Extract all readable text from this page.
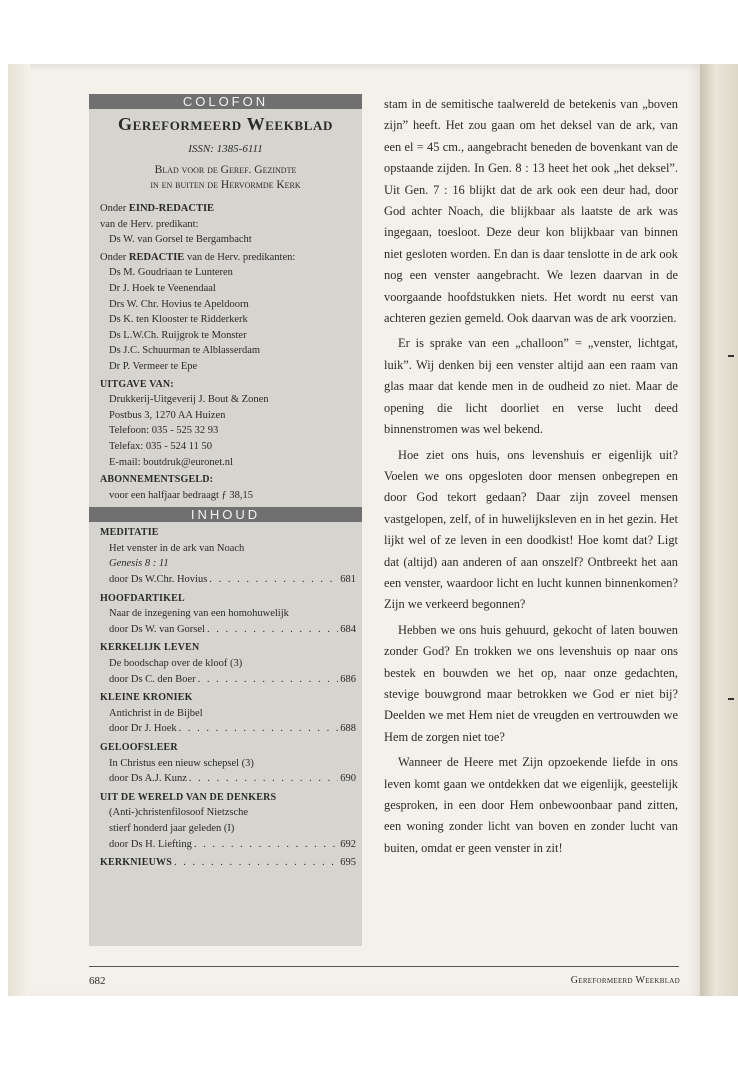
COLOFON
Gereformeerd Weekblad
ISSN: 1385-6111
Blad voor de Geref. Gezindte
in en buiten de Hervormde Kerk
Onder EIND-REDACTIE
van de Herv. predikant:
Ds W. van Gorsel te Bergambacht
Onder REDACTIE van de Herv. predikanten:
Ds M. Goudriaan te Lunteren
Dr J. Hoek te Veenendaal
Drs W. Chr. Hovius te Apeldoorn
Ds K. ten Klooster te Ridderkerk
Ds L.W.Ch. Ruijgrok te Monster
Ds J.C. Schuurman te Alblasserdam
Dr P. Vermeer te Epe
UITGAVE VAN:
Drukkerij-Uitgeverij J. Bout & Zonen
Postbus 3, 1270 AA Huizen
Telefoon: 035 - 525 32 93
Telefax: 035 - 524 11 50
E-mail: boutdruk@euronet.nl
ABONNEMENTSGELD:
voor een halfjaar bedraagt ƒ 38,15
INHOUD
MEDITATIE
Het venster in de ark van Noach
Genesis 8 : 11
door Ds W.Chr. Hovius . . .	681
HOOFDARTIKEL
Naar de inzegening van een homohuwelijk
door Ds W. van Gorsel . . .	684
KERKELIJK LEVEN
De boodschap over de kloof (3)
door Ds C. den Boer . . .	686
KLEINE KRONIEK
Antichrist in de Bijbel
door Dr J. Hoek . . .	688
GELOOFSLEER
In Christus een nieuw schepsel (3)
door Ds A.J. Kunz . . .	690
UIT DE WERELD VAN DE DENKERS
(Anti-)christenfilosoof Nietzsche
stierf honderd jaar geleden (I)
door Ds H. Liefting . . .	692
KERKNIEUWS . . .	695

stam in de semitische taalwereld de betekenis van „boven zijn” heeft. Het zou gaan om het deksel van de ark, van een el = 45 cm., aangebracht beneden de bovenkant van de opstaande zijden. In Gen. 8 : 13 heet het ook „het deksel”. Uit Gen. 7 : 16 blijkt dat de ark ook een deur had, door God achter Noach, die blijkbaar als laatste de ark was ingegaan, toesloot. Deze deur kon blijkbaar van binnen niet gesloten worden. En dan is daar tenslotte in de ark ook nog een venster aangebracht. We lezen daarvan in de voorgaande hoofdstukken niets. Het wordt nu eerst van achteren gezien gemeld. Ook daarvan was de ark voorzien.

Er is sprake van een „challoon” = „venster, lichtgat, luik”. Wij denken bij een venster altijd aan een raam van glas maar dat kende men in de oudheid zo niet. Maar de opening die licht doorliet en verse lucht deed binnenstromen was wel bekend.

Hoe ziet ons huis, ons levenshuis er eigenlijk uit? Voelen we ons opgesloten door mensen onbegrepen en door God tekort gedaan? Daar zijn zoveel mensen vastgelopen, zelf, of in huwelijksleven en in het gezin. Het lijkt wel of ze leven in een doodkist! Hoe komt dat? Ligt dat (altijd) aan anderen of aan onszelf? Ontbreekt het aan een venster, waardoor licht en lucht kunnen binnenkomen? Zijn we verkeerd begonnen?

Hebben we ons huis gehuurd, gekocht of laten bouwen zonder God? En trokken we ons levenshuis op naar ons bestek en bouwden we het op, naar onze gedachten, stevige bouwgrond maar betrokken we God er niet bij? Deelden we met Hem niet de vreugden en vertrouwden we Hem de zorgen niet toe?

Wanneer de Heere met Zijn opzoekende liefde in ons leven komt gaan we ontdekken dat we eigenlijk, geestelijk gesproken, in een door Hem onbewoonbaar pand zitten, een woning zonder licht van boven en zonder lucht van buiten, omdat er geen venster in zit!

682	Gereformeerd Weekblad
